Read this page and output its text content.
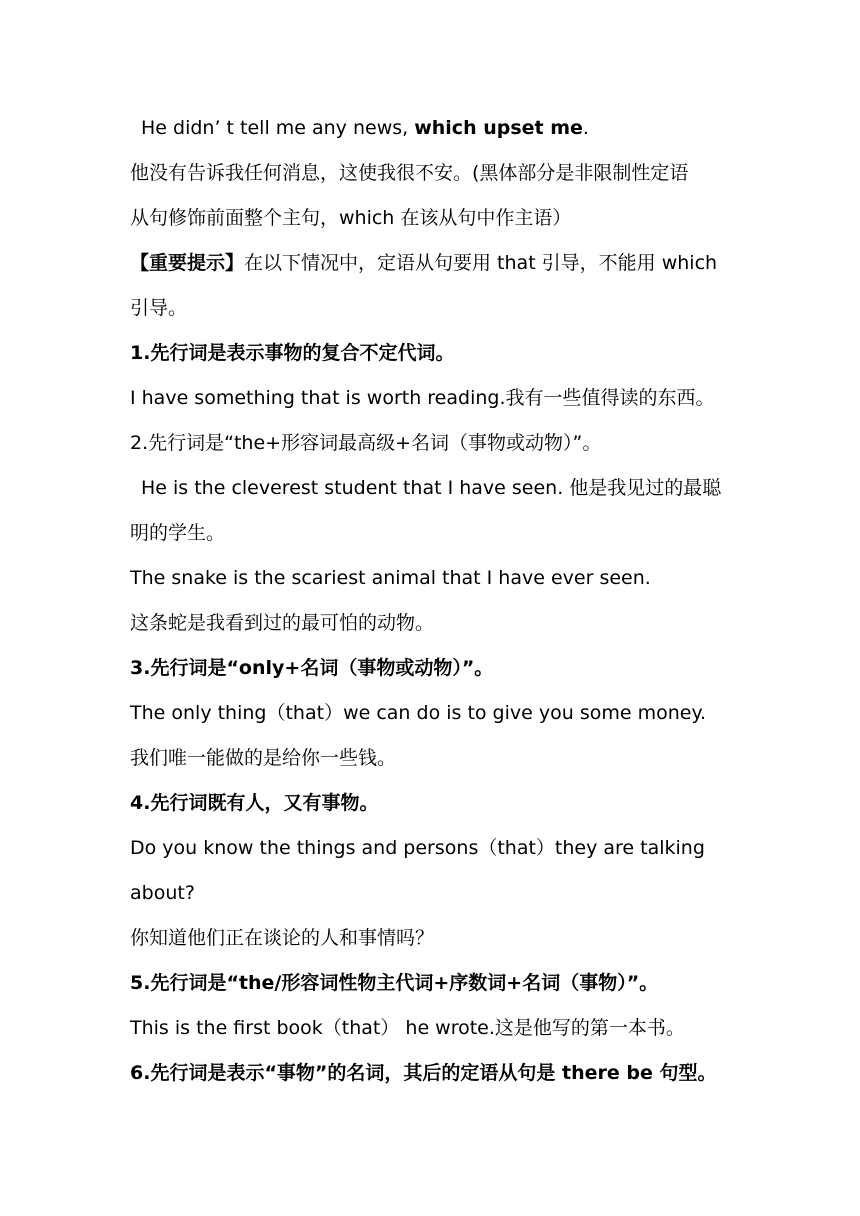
He didn’ t tell me any news, which upset me.
他没有告诉我任何消息，这使我很不安。(黑体部分是非限制性定语
从句修饰前面整个主句，which 在该从句中作主语）
【重要提示】在以下情况中，定语从句要用 that 引导，不能用 which
引导。
1.先行词是表示事物的复合不定代词。
I have something that is worth reading.我有一些值得读的东西。
2.先行词是“the+形容词最高级+名词（事物或动物）”。
He is the cleverest student that I have seen. 他是我见过的最聪
明的学生。
The snake is the scariest animal that I have ever seen.
这条蛇是我看到过的最可怕的动物。
3.先行词是“only+名词（事物或动物）”。
The only thing（that）we can do is to give you some money.
我们唯一能做的是给你一些钱。
4.先行词既有人，又有事物。
Do you know the things and persons（that）they are talking
about?
你知道他们正在谈论的人和事情吗？
5.先行词是“the/形容词性物主代词+序数词+名词（事物）”。
This is the first book（that） he wrote.这是他写的第一本书。
6.先行词是表示“事物”的名词，其后的定语从句是 there be 句型。
